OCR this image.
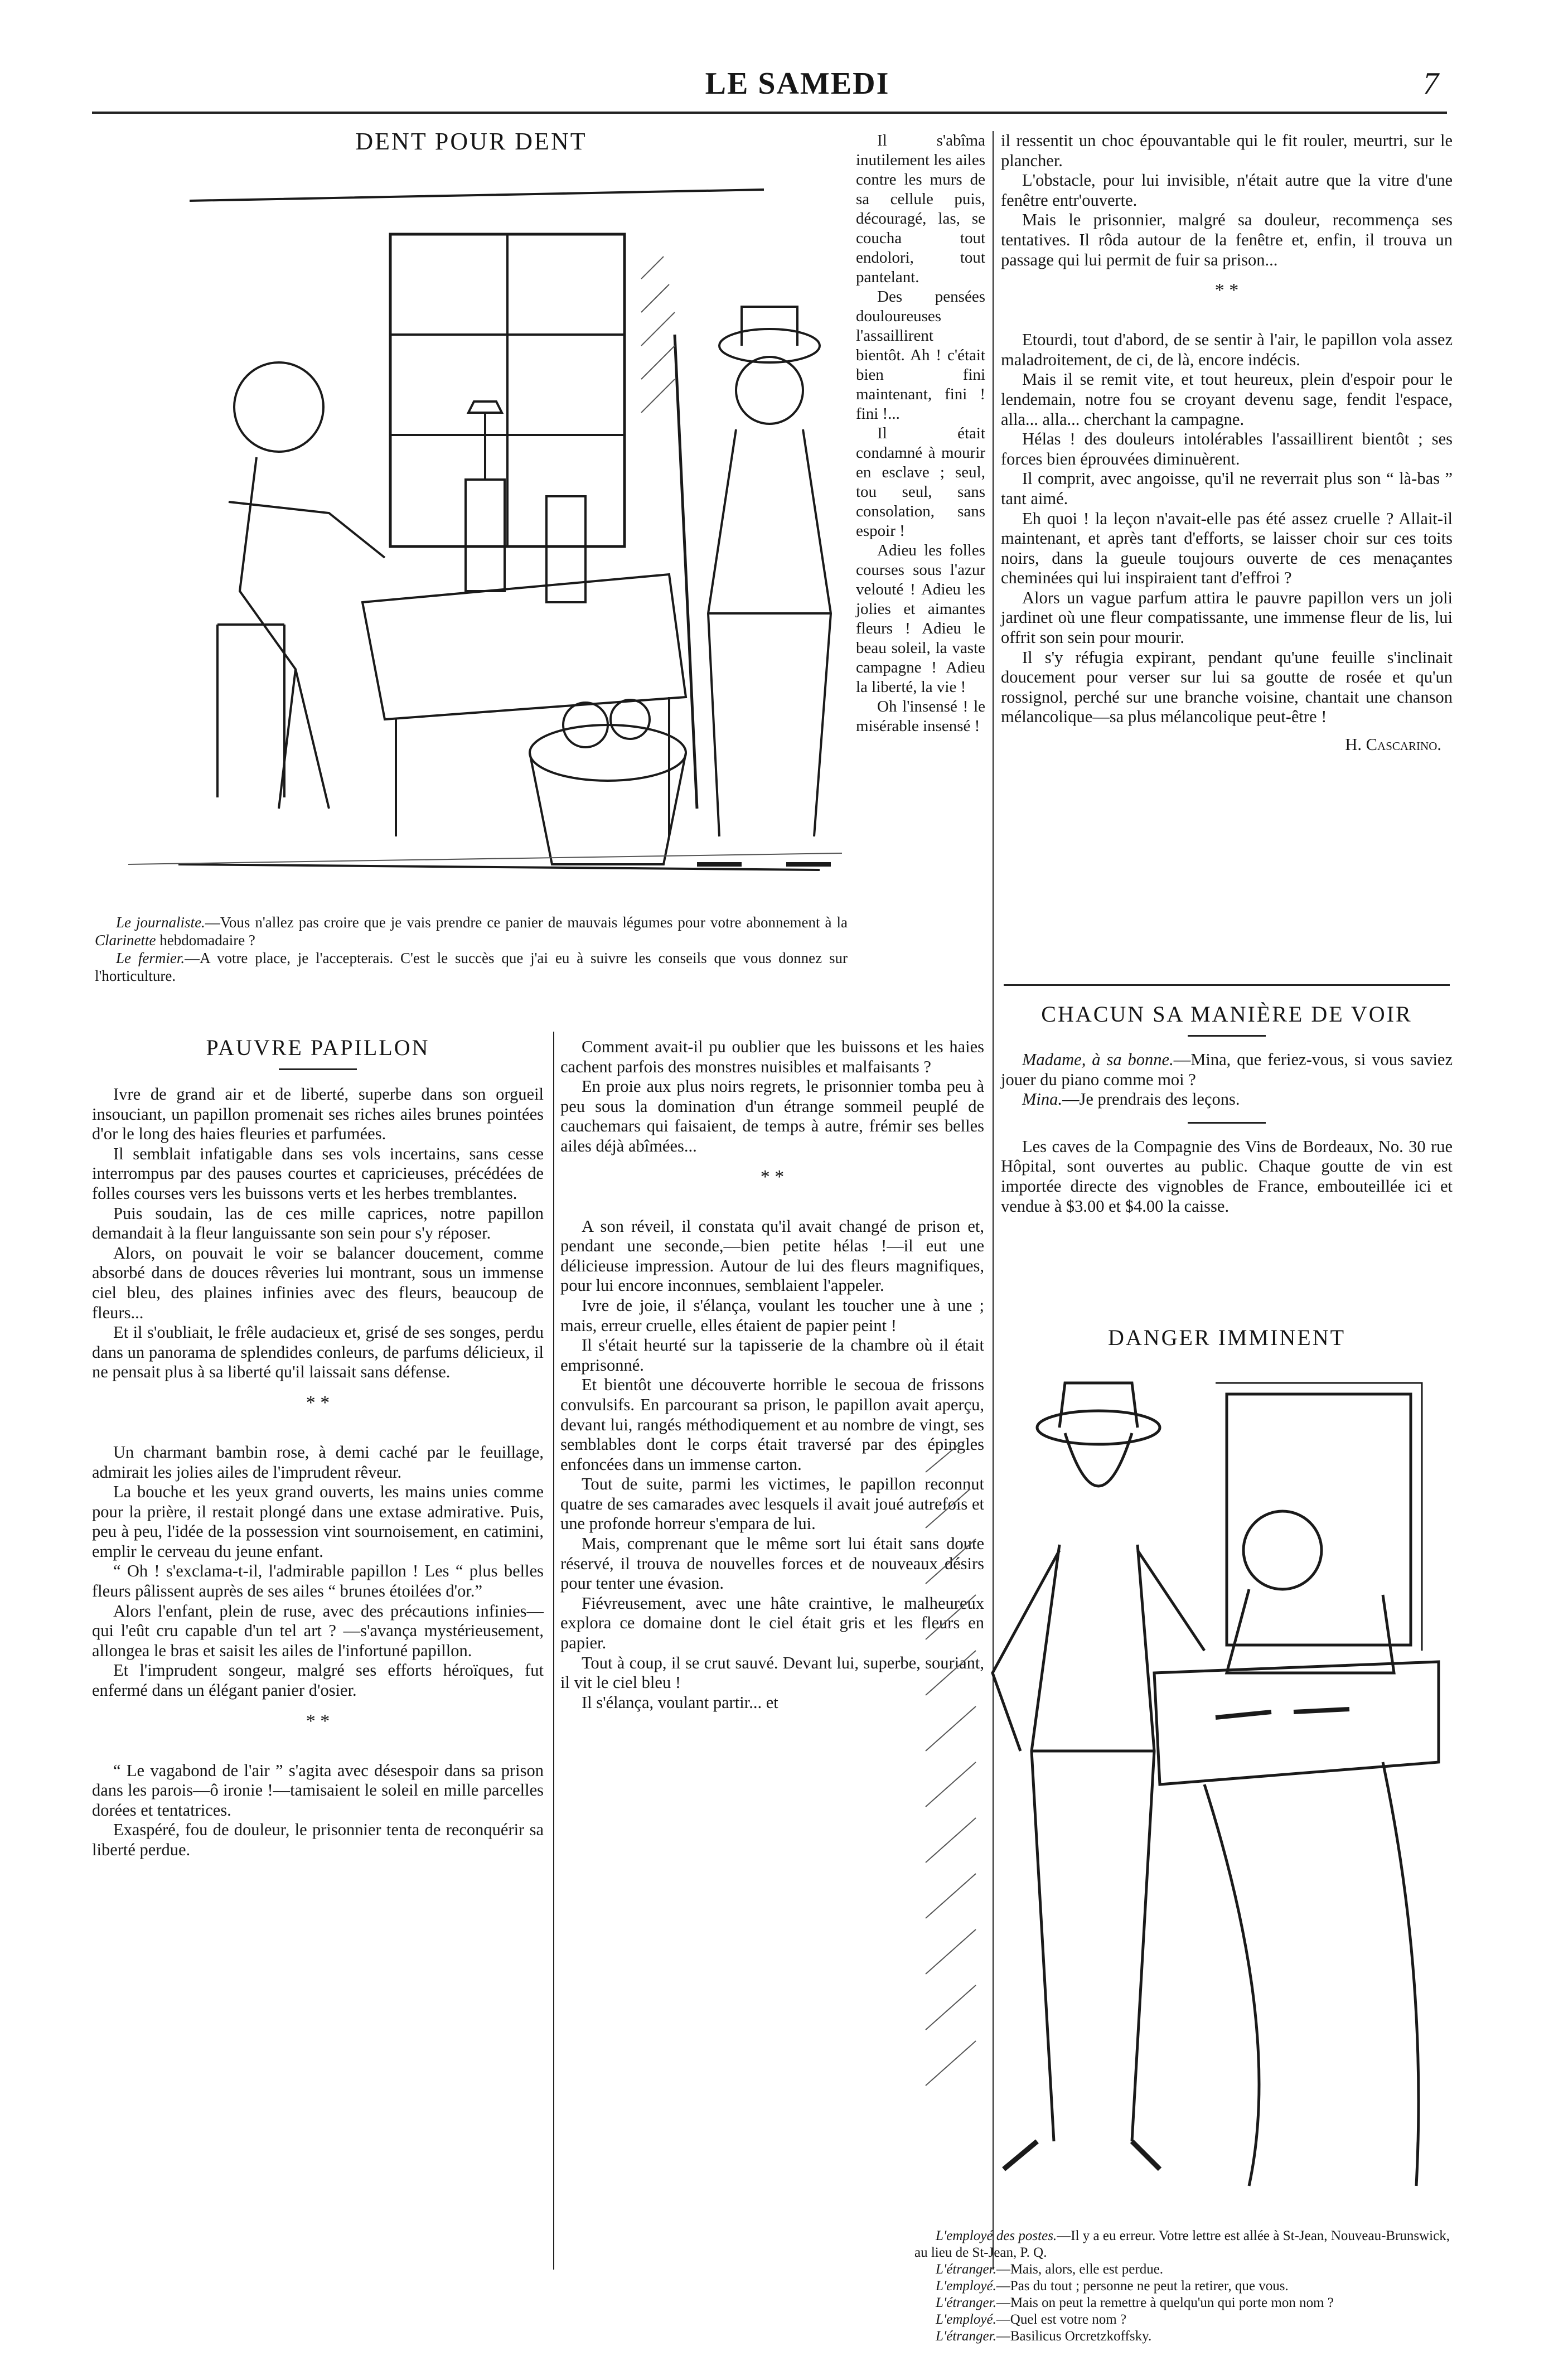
LE SAMEDI	7
DENT POUR DENT

Le journaliste.—Vous n'allez pas croire que je vais prendre ce panier de mauvais légumes pour votre abonnement à la Clarinette hebdomadaire ?

Le fermier.—A votre place, je l'accepterais. C'est le succès que j'ai eu à suivre les conseils que vous donnez sur l'horticulture.

PAUVRE PAPILLON

Ivre de grand air et de liberté, superbe dans son orgueil insouciant, un papillon promenait ses riches ailes brunes pointées d'or le long des haies fleuries et parfumées.

Il semblait infatigable dans ses vols incertains, sans cesse interrompus par des pauses courtes et capricieuses, précédées de folles courses vers les buissons verts et les herbes tremblantes.

Puis soudain, las de ces mille caprices, notre papillon demandait à la fleur languissante son sein pour s'y réposer.

Alors, on pouvait le voir se balancer doucement, comme absorbé dans de douces rêveries lui montrant, sous un immense ciel bleu, des plaines infinies avec des fleurs, beaucoup de fleurs...

Et il s'oubliait, le frêle audacieux et, grisé de ses songes, perdu dans un panorama de splendides conleurs, de parfums délicieux, il ne pensait plus à sa liberté qu'il laissait sans défense.

* *

Un charmant bambin rose, à demi caché par le feuillage, admirait les jolies ailes de l'imprudent rêveur.

La bouche et les yeux grand ouverts, les mains unies comme pour la prière, il restait plongé dans une extase admirative. Puis, peu à peu, l'idée de la possession vint sournoisement, en catimini, emplir le cerveau du jeune enfant.

“ Oh ! s'exclama-t-il, l'admirable papillon ! Les “ plus belles fleurs pâlissent auprès de ses ailes “ brunes étoilées d'or.”

Alors l'enfant, plein de ruse, avec des précautions infinies—qui l'eût cru capable d'un tel art ? —s'avança mystérieusement, allongea le bras et saisit les ailes de l'infortuné papillon.

Et l'imprudent songeur, malgré ses efforts héroïques, fut enfermé dans un élégant panier d'osier.

* *

“ Le vagabond de l'air ” s'agita avec désespoir dans sa prison dans les parois—ô ironie !—tamisaient le soleil en mille parcelles dorées et tentatrices.

Exaspéré, fou de douleur, le prisonnier tenta de reconquérir sa liberté perdue.

Il s'abîma inutilement les ailes contre les murs de sa cellule puis, découragé, las, se coucha tout endolori, tout pantelant.

Des pensées douloureuses l'assaillirent bientôt. Ah ! c'était bien fini maintenant, fini ! fini !...

Il était condamné à mourir en esclave ; seul, tou seul, sans consolation, sans espoir !

Adieu les folles courses sous l'azur velouté ! Adieu les jolies et aimantes fleurs ! Adieu le beau soleil, la vaste campagne ! Adieu la liberté, la vie !

Oh l'insensé ! le misérable insensé !

Comment avait-il pu oublier que les buissons et les haies cachent parfois des monstres nuisibles et malfaisants ?

En proie aux plus noirs regrets, le prisonnier tomba peu à peu sous la domination d'un étrange sommeil peuplé de cauchemars qui faisaient, de temps à autre, frémir ses belles ailes déjà abîmées...

* *

A son réveil, il constata qu'il avait changé de prison et, pendant une seconde,—bien petite hélas !—il eut une délicieuse impression. Autour de lui des fleurs magnifiques, pour lui encore inconnues, semblaient l'appeler.

Ivre de joie, il s'élança, voulant les toucher une à une ; mais, erreur cruelle, elles étaient de papier peint !

Il s'était heurté sur la tapisserie de la chambre où il était emprisonné.

Et bientôt une découverte horrible le secoua de frissons convulsifs. En parcourant sa prison, le papillon avait aperçu, devant lui, rangés méthodiquement et au nombre de vingt, ses semblables dont le corps était traversé par des épingles enfoncées dans un immense carton.

Tout de suite, parmi les victimes, le papillon reconnut quatre de ses camarades avec lesquels il avait joué autrefois et une profonde horreur s'empara de lui.

Mais, comprenant que le même sort lui était sans doute réservé, il trouva de nouvelles forces et de nouveaux désirs pour tenter une évasion.

Fiévreusement, avec une hâte craintive, le malheureux explora ce domaine dont le ciel était gris et les fleurs en papier.

Tout à coup, il se crut sauvé. Devant lui, superbe, souriant, il vit le ciel bleu !

Il s'élança, voulant partir... et

il ressentit un choc épouvantable qui le fit rouler, meurtri, sur le plancher.

L'obstacle, pour lui invisible, n'était autre que la vitre d'une fenêtre entr'ouverte.

Mais le prisonnier, malgré sa douleur, recommença ses tentatives. Il rôda autour de la fenêtre et, enfin, il trouva un passage qui lui permit de fuir sa prison...

* *

Etourdi, tout d'abord, de se sentir à l'air, le papillon vola assez maladroitement, de ci, de là, encore indécis.

Mais il se remit vite, et tout heureux, plein d'espoir pour le lendemain, notre fou se croyant devenu sage, fendit l'espace, alla... alla... cherchant la campagne.

Hélas ! des douleurs intolérables l'assaillirent bientôt ; ses forces bien éprouvées diminuèrent.

Il comprit, avec angoisse, qu'il ne reverrait plus son “ là-bas ” tant aimé.

Eh quoi ! la leçon n'avait-elle pas été assez cruelle ? Allait-il maintenant, et après tant d'efforts, se laisser choir sur ces toits noirs, dans la gueule toujours ouverte de ces menaçantes cheminées qui lui inspiraient tant d'effroi ?

Alors un vague parfum attira le pauvre papillon vers un joli jardinet où une fleur compatissante, une immense fleur de lis, lui offrit son sein pour mourir.

Il s'y réfugia expirant, pendant qu'une feuille s'inclinait doucement pour verser sur lui sa goutte de rosée et qu'un rossignol, perché sur une branche voisine, chantait une chanson mélancolique—sa plus mélancolique peut-être !

H. Cascarino.
CHACUN SA MANIÈRE DE VOIR

Madame, à sa bonne.—Mina, que feriez-vous, si vous saviez jouer du piano comme moi ?

Mina.—Je prendrais des leçons.

Les caves de la Compagnie des Vins de Bordeaux, No. 30 rue Hôpital, sont ouvertes au public. Chaque goutte de vin est importée directe des vignobles de France, embouteillée ici et vendue à $3.00 et $4.00 la caisse.

DANGER IMMINENT

L'employé des postes.—Il y a eu erreur. Votre lettre est allée à St-Jean, Nouveau-Brunswick, au lieu de St-Jean, P. Q.

L'étranger.—Mais, alors, elle est perdue.

L'employé.—Pas du tout ; personne ne peut la retirer, que vous.

L'étranger.—Mais on peut la remettre à quelqu'un qui porte mon nom ?

L'employé.—Quel est votre nom ?

L'étranger.—Basilicus Orcretzkoffsky.
